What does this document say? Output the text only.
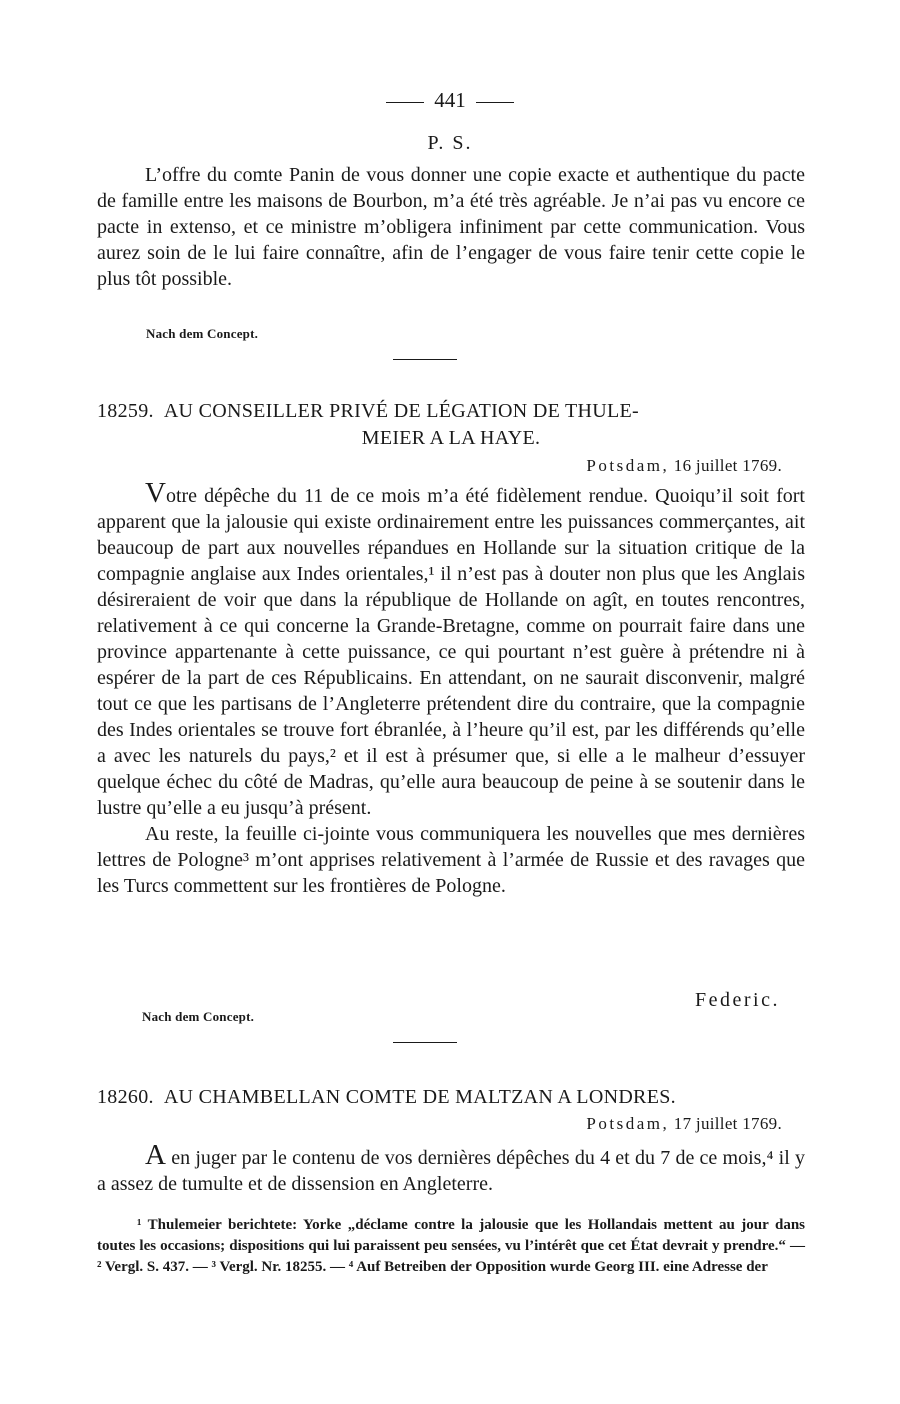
441
P. S.

L’offre du comte Panin de vous donner une copie exacte et authentique du pacte de famille entre les maisons de Bourbon, m’a été très agréable. Je n’ai pas vu encore ce pacte in extenso, et ce ministre m’obligera infiniment par cette communication. Vous aurez soin de le lui faire connaître, afin de l’engager de vous faire tenir cette copie le plus tôt possible.

Nach dem Concept.
18259. AU CONSEILLER PRIVÉ DE LÉGATION DE THULE-
MEIER A LA HAYE.
Potsdam, 16 juillet 1769.

Votre dépêche du 11 de ce mois m’a été fidèlement rendue. Quoiqu’il soit fort apparent que la jalousie qui existe ordinairement entre les puissances commerçantes, ait beaucoup de part aux nouvelles répandues en Hollande sur la situation critique de la compagnie anglaise aux Indes orientales,¹ il n’est pas à douter non plus que les Anglais désireraient de voir que dans la république de Hollande on agît, en toutes rencontres, relativement à ce qui concerne la Grande-Bretagne, comme on pourrait faire dans une province appartenante à cette puissance, ce qui pourtant n’est guère à prétendre ni à espérer de la part de ces Républicains. En attendant, on ne saurait disconvenir, malgré tout ce que les partisans de l’Angleterre prétendent dire du contraire, que la compagnie des Indes orientales se trouve fort ébranlée, à l’heure qu’il est, par les différends qu’elle a avec les naturels du pays,² et il est à présumer que, si elle a le malheur d’essuyer quelque échec du côté de Madras, qu’elle aura beaucoup de peine à se soutenir dans le lustre qu’elle a eu jusqu’à présent.

Au reste, la feuille ci-jointe vous communiquera les nouvelles que mes dernières lettres de Pologne³ m’ont apprises relativement à l’armée de Russie et des ravages que les Turcs commettent sur les frontières de Pologne.

Federic.
Nach dem Concept.
18260. AU CHAMBELLAN COMTE DE MALTZAN A LONDRES.
Potsdam, 17 juillet 1769.

A en juger par le contenu de vos dernières dépêches du 4 et du 7 de ce mois,⁴ il y a assez de tumulte et de dissension en Angleterre.

¹ Thulemeier berichtete: Yorke „déclame contre la jalousie que les Hollandais mettent au jour dans toutes les occasions; dispositions qui lui paraissent peu sensées, vu l’intérêt que cet État devrait y prendre.“ — ² Vergl. S. 437. — ³ Vergl. Nr. 18255. — ⁴ Auf Betreiben der Opposition wurde Georg III. eine Adresse der
